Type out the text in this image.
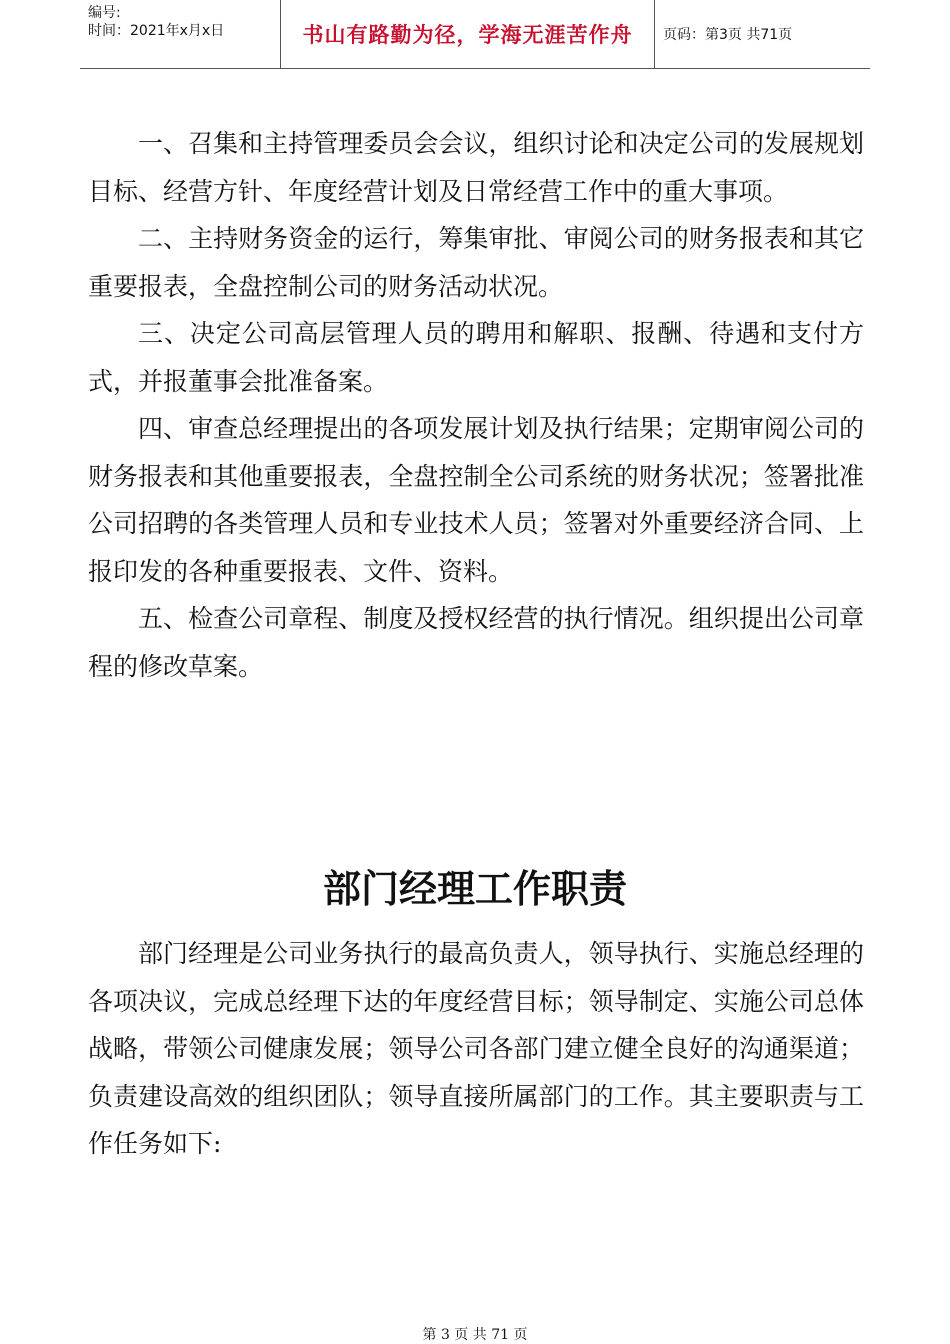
编号:
时间：2021年x月x日	书山有路勤为径，学海无涯苦作舟 页码：第3页 共71页

一、召集和主持管理委员会会议，组织讨论和决定公司的发展规划目标、经营方针、年度经营计划及日常经营工作中的重大事项。

二、主持财务资金的运行，筹集审批、审阅公司的财务报表和其它重要报表，全盘控制公司的财务活动状况。

三、决定公司高层管理人员的聘用和解职、报酬、待遇和支付方式，并报董事会批准备案。

四、审查总经理提出的各项发展计划及执行结果；定期审阅公司的财务报表和其他重要报表，全盘控制全公司系统的财务状况；签署批准公司招聘的各类管理人员和专业技术人员；签署对外重要经济合同、上报印发的各种重要报表、文件、资料。

五、检查公司章程、制度及授权经营的执行情况。组织提出公司章程的修改草案。

部门经理工作职责

部门经理是公司业务执行的最高负责人，领导执行、实施总经理的各项决议，完成总经理下达的年度经营目标；领导制定、实施公司总体战略，带领公司健康发展；领导公司各部门建立健全良好的沟通渠道；负责建设高效的组织团队；领导直接所属部门的工作。其主要职责与工作任务如下:

第 3 页 共 71 页
